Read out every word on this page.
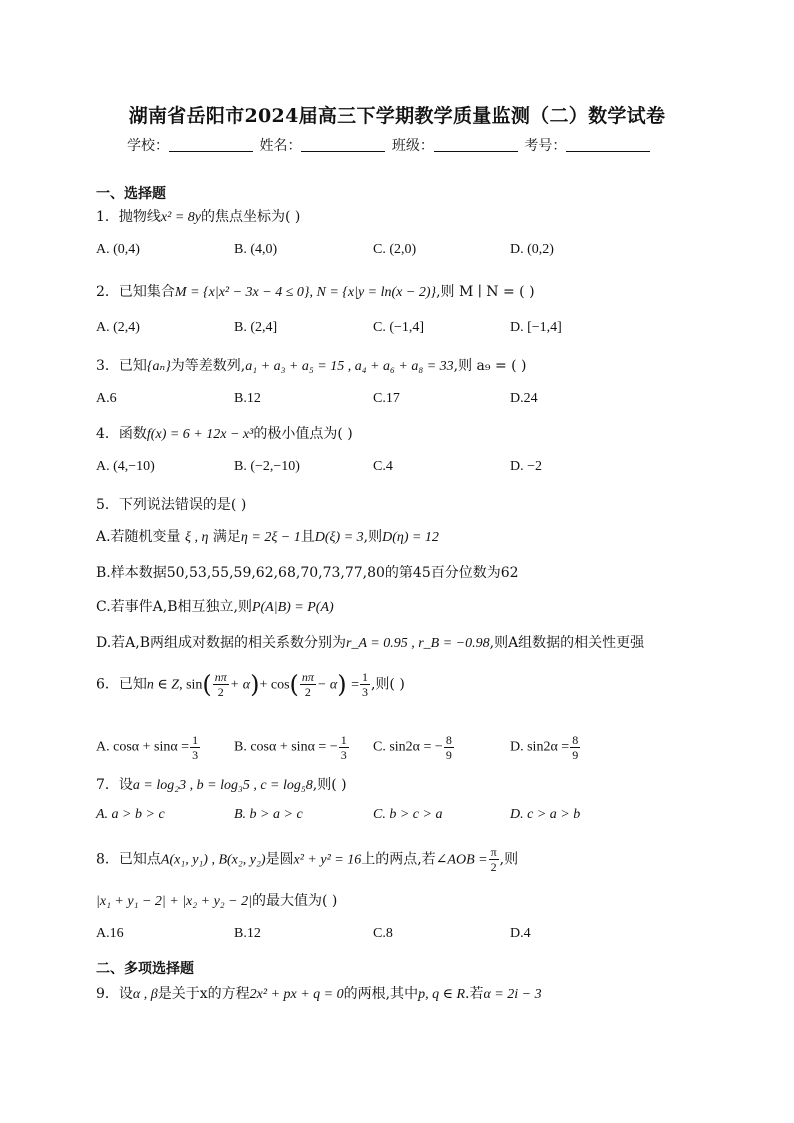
湖南省岳阳市2024届高三下学期教学质量监测（二）数学试卷
学校：	姓名：	班级：	考号：
一、选择题
1．抛物线x² = 8y的焦点坐标为( )
A. (0,4)	B. (4,0)	C. (2,0)	D. (0,2)
2．已知集合M = {x|x² − 3x − 4 ≤ 0}, N = {x|y = ln(x − 2)},则 M ∣ N = ( )
A. (2,4)	B. (2,4]	C. (−1,4]	D. [−1,4]
3．已知{aₙ}为等差数列,a₁ + a₃ + a₅ = 15 , a₄ + a₆ + a₈ = 33,则 a₉ = ( )
A.6	B.12	C.17	D.24
4．函数f(x) = 6 + 12x − x³的极小值点为( )
A. (4,−10)	B. (−2,−10)	C.4	D. −2
5．下列说法错误的是( )
A.若随机变量 ξ , η 满足η = 2ξ − 1且D(ξ) = 3,则D(η) = 12
B.样本数据50,53,55,59,62,68,70,73,77,80的第45百分位数为62
C.若事件A,B相互独立,则P(A|B) = P(A)
D.若A,B两组成对数据的相关系数分别为r_A = 0.95 , r_B = −0.98,则A组数据的相关性更强
6．已知n ∈ Z, $\sin( \frac{n\pi}{2} + \alpha)+ \cos( \frac{n\pi}{2} - \alpha) = \frac{1}{3}$ ,则( )
A. $\cos\alpha + \sin\alpha = \frac{1}{3} B$. cosα + sinα = − $\frac{1}{3} C$. sin2α = − $\frac{8}{9}$	D. $\sin 2\alpha = \frac{8}{9}$
7．设a = log₂3 , b = log₃5 , c = log₅8,则( )
A. a > b > c	B. b > a > c	C. b > c > a	D. c > a > b
8．已知点A(x₁, y₁) , B(x₂, y₂)是圆x² + y² = 16上的两点,若∠AOB = $\frac{\pi}{2}$ ,则
|x₁ + y₁ − 2| + |x₂ + y₂ − 2|的最大值为( )
A.16	B.12	C.8	D.4
二、多项选择题
9．设α , β是关于x的方程2x² + px + q = 0的两根,其中p, q ∈ R.若α = 2i − 3
